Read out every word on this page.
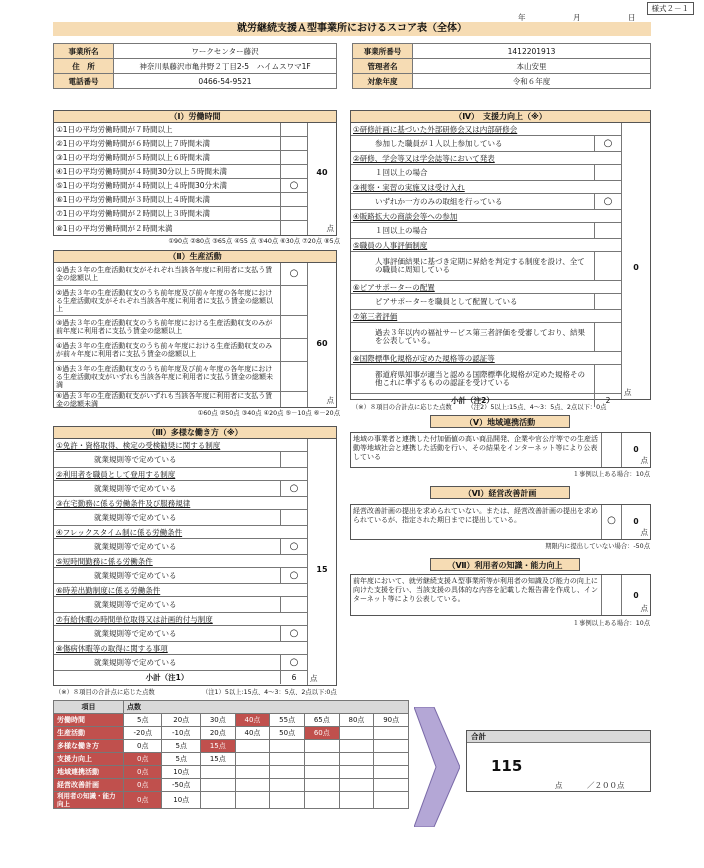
様式２－１
年	月	日
就労継続支援Ａ型事業所におけるスコア表（全体）
事業所名	ワークセンター藤沢
住　所	神奈川県藤沢市亀井野２丁目2-5　ハイムスワマ1F
電話番号	0466-54-9521
事業所番号	1412201913
管理者名	本山安里
対象年度	令和６年度
（Ⅰ）労働時間
①1日の平均労働時間が７時間以上
②1日の平均労働時間が６時間以上７時間未満
③1日の平均労働時間が５時間以上６時間未満
④1日の平均労働時間が４時間30分以上５時間未満
⑤1日の平均労働時間が４時間以上４時間30分未満	○
⑥1日の平均労働時間が３時間以上４時間未満
⑦1日の平均労働時間が２時間以上３時間未満
⑧1日の平均労働時間が２時間未満
40
点
①90点 ②80点 ③65点 ④55 点 ⑤40点 ⑥30点 ⑦20点 ⑧5点
（Ⅱ）生産活動
①過去３年の生産活動収支がそれぞれ当該各年度に利用者に支払う賃金の総額以上	○
②過去３年の生産活動収支のうち前年度及び前々年度の各年度における生産活動収支がそれぞれ当該各年度に利用者に支払う賃金の総額以上
③過去３年の生産活動収支のうち前年度における生産活動収支のみが前年度に利用者に支払う賃金の総額以上
④過去３年の生産活動収支のうち前々年度における生産活動収支のみが前々年度に利用者に支払う賃金の総額以上
⑤過去３年の生産活動収支のうち前年度及び前々年度の各年度における生産活動収支がいずれも当該各年度に利用者に支払う賃金の総額未満
⑥過去３年の生産活動収支がいずれも当該各年度に利用者に支払う賃金の総額未満
60
点
①60点 ②50点 ③40点 ④20点 ⑤－10点 ⑥－20点
（Ⅲ）多様な働き方（※）
①免許・資格取得、検定の受検勧奨に関する制度
就業規則等で定めている
②利用者を職員として登用する制度
就業規則等で定めている	○
③在宅勤務に係る労働条件及び服務規律
就業規則等で定めている
④フレックスタイム制に係る労働条件
就業規則等で定めている	○
⑤短時間勤務に係る労働条件
就業規則等で定めている	○
⑥時差出勤制度に係る労働条件
就業規則等で定めている
⑦有給休暇の時間単位取得又は計画的付与制度
就業規則等で定めている	○
⑧傷病休暇等の取得に関する事項
就業規則等で定めている	○
小計（注1）	6
15
点
（※）８項目の合計点に応じた点数　　　　　　　　（注1）5以上:15点、4～3：5点、2点以下:0点
（Ⅳ）　支援力向上（※）
①研修計画に基づいた外部研修会又は内部研修会
参加した職員が１人以上参加している	○
②研修、学会等又は学会誌等において発表
１回以上の場合
③視察・実習の実施又は受け入れ
いずれか一方のみの取組を行っている	○
④販路拡大の商談会等への参加
１回以上の場合
⑤職員の人事評価制度
人事評価結果に基づき定期に昇給を判定する制度を設け、全ての職員に周知している
⑥ピアサポーターの配置
ピアサポーターを職員として配置している
⑦第三者評価
過去３年以内の福祉サービス第三者評価を受審しており、結果を公表している。
⑧国際標準化規格が定めた規格等の認証等
都道府県知事が適当と認める国際標準化規格が定めた規格その他これに準ずるものの認証を受けている
小計（注2）	2
0
点
（※）８項目の合計点に応じた点数　　　（注2）5以上:15点、4～3：5点、2点以下：0点
（Ⅴ）地域連携活動
地域の事業者と連携した付加価値の高い商品開発、企業や官公庁等での生産活動等地域社会と連携した活動を行い、その結果をインターネット等により公表している
0
点
１事例以上ある場合：10点
（Ⅵ）経営改善計画
経営改善計画の提出を求められていない。または、経営改善計画の提出を求められているが、指定された期日までに提出している。	○	0
点
期限内に提出していない場合：-50点
（Ⅶ）利用者の知識・能力向上
前年度において、就労継続支援Ａ型事業所等が利用者の知識及び能力の向上に向けた支援を行い、当該支援の具体的な内容を記載した報告書を作成し、インターネット等により公表している。	0
点
１事例以上ある場合：10点
項目	点数							
労働時間	5点	20点	30点	40点	55点	65点	80点	90点
生産活動	-20点	-10点	20点	40点	50点	60点		
多様な働き方	0点	5点	15点					
支援力向上	0点	5点	15点					
地域連携活動	0点	10点						
経営改善計画	0点	-50点						
利用者の知識・能力向上	0点	10点						
合計
115
点	／２００点
